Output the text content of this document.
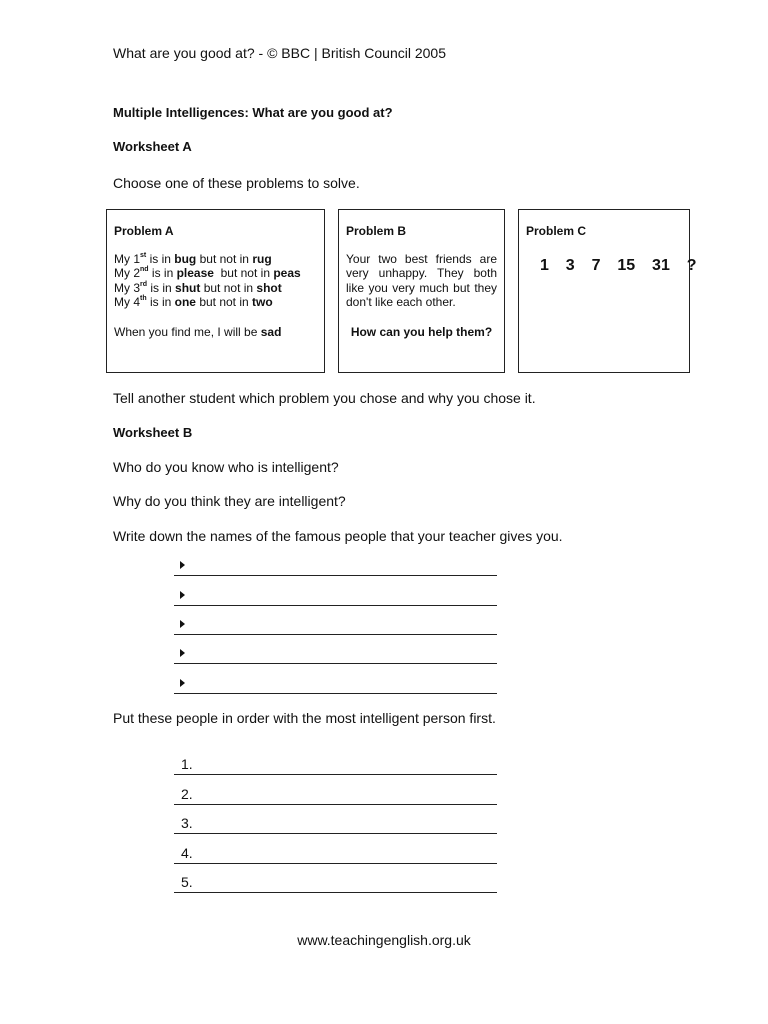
What are you good at? - © BBC | British Council 2005
Multiple Intelligences: What are you good at?
Worksheet A
Choose one of these problems to solve.
Problem A
My 1st is in bug but not in rug
My 2nd is in please  but not in peas
My 3rd is in shut but not in shot
My 4th is in one but not in two
When you find me, I will be sad
Problem B
Your two best friends are very unhappy. They both like you very much but they don't like each other.
How can you help them?
Problem C
1  3  7  15  31  ?
Tell another student which problem you chose and why you chose it.
Worksheet B
Who do you know who is intelligent?
Why do you think they are intelligent?
Write down the names of the famous people that your teacher gives you.
Put these people in order with the most intelligent person first.
1.
2.
3.
4.
5.
www.teachingenglish.org.uk
